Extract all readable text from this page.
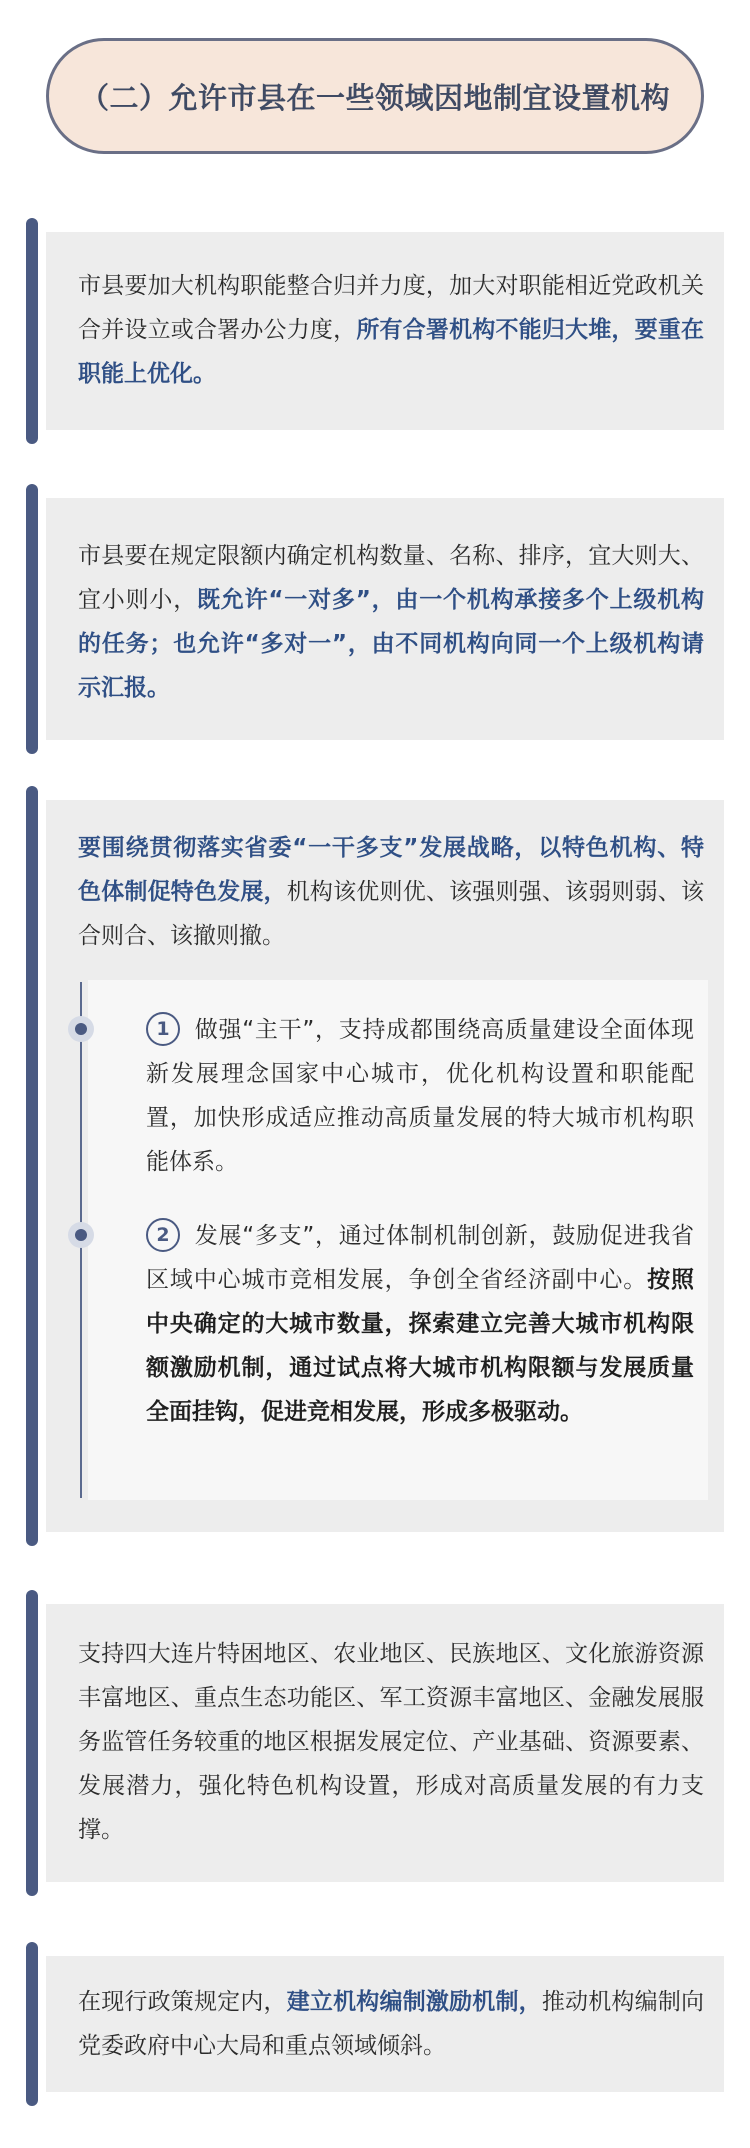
（二）允许市县在一些领域因地制宜设置机构
市县要加大机构职能整合归并力度，加大对职能相近党政机关合并设立或合署办公力度，所有合署机构不能归大堆，要重在职能上优化。
市县要在规定限额内确定机构数量、名称、排序，宜大则大、宜小则小，既允许“一对多”，由一个机构承接多个上级机构的任务；也允许“多对一”，由不同机构向同一个上级机构请示汇报。
要围绕贯彻落实省委“一干多支”发展战略，以特色机构、特色体制促特色发展，机构该优则优、该强则强、该弱则弱、该合则合、该撤则撤。
1 做强“主干”，支持成都围绕高质量建设全面体现新发展理念国家中心城市，优化机构设置和职能配置，加快形成适应推动高质量发展的特大城市机构职能体系。
2 发展“多支”，通过体制机制创新，鼓励促进我省区域中心城市竞相发展，争创全省经济副中心。按照中央确定的大城市数量，探索建立完善大城市机构限额激励机制，通过试点将大城市机构限额与发展质量全面挂钩，促进竞相发展，形成多极驱动。
支持四大连片特困地区、农业地区、民族地区、文化旅游资源丰富地区、重点生态功能区、军工资源丰富地区、金融发展服务监管任务较重的地区根据发展定位、产业基础、资源要素、发展潜力，强化特色机构设置，形成对高质量发展的有力支撑。
在现行政策规定内，建立机构编制激励机制，推动机构编制向党委政府中心大局和重点领域倾斜。
